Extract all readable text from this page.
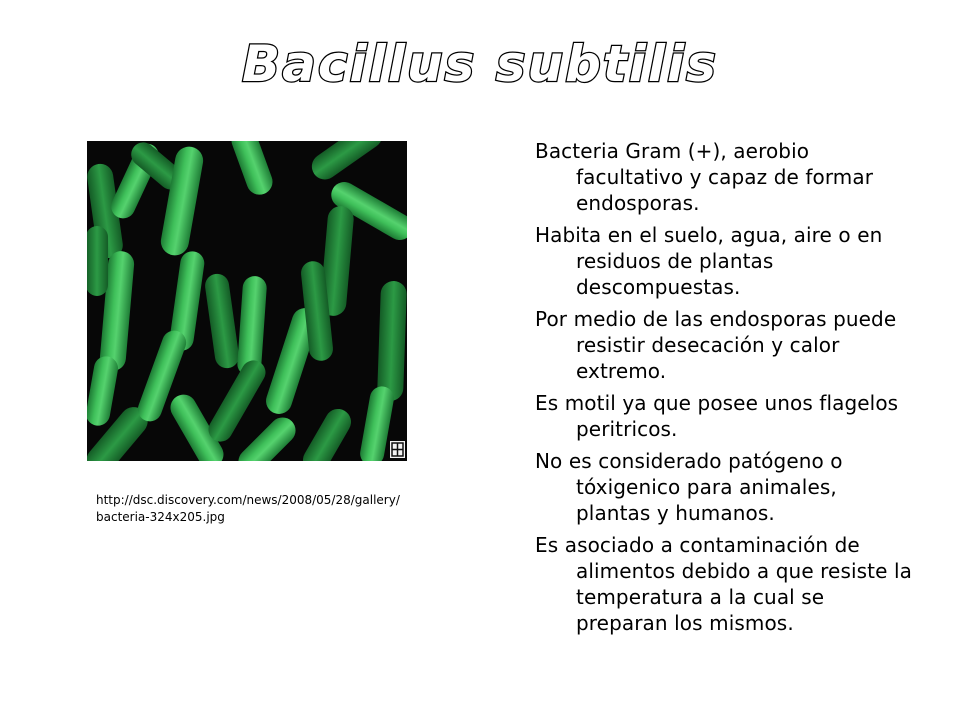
Bacillus subtilis

http://dsc.discovery.com/news/2008/05/28/gallery/bacteria-324x205.jpg

Bacteria Gram (+), aerobio facultativo y capaz de formar endosporas.
Habita en el suelo, agua, aire o en residuos de plantas descompuestas.
Por medio de las endosporas puede resistir desecación y calor extremo.
Es motil ya que posee unos flagelos peritricos.
No es considerado patógeno o tóxigenico para animales, plantas y humanos.
Es asociado a contaminación de alimentos debido a que resiste la temperatura a la cual se preparan los mismos.
